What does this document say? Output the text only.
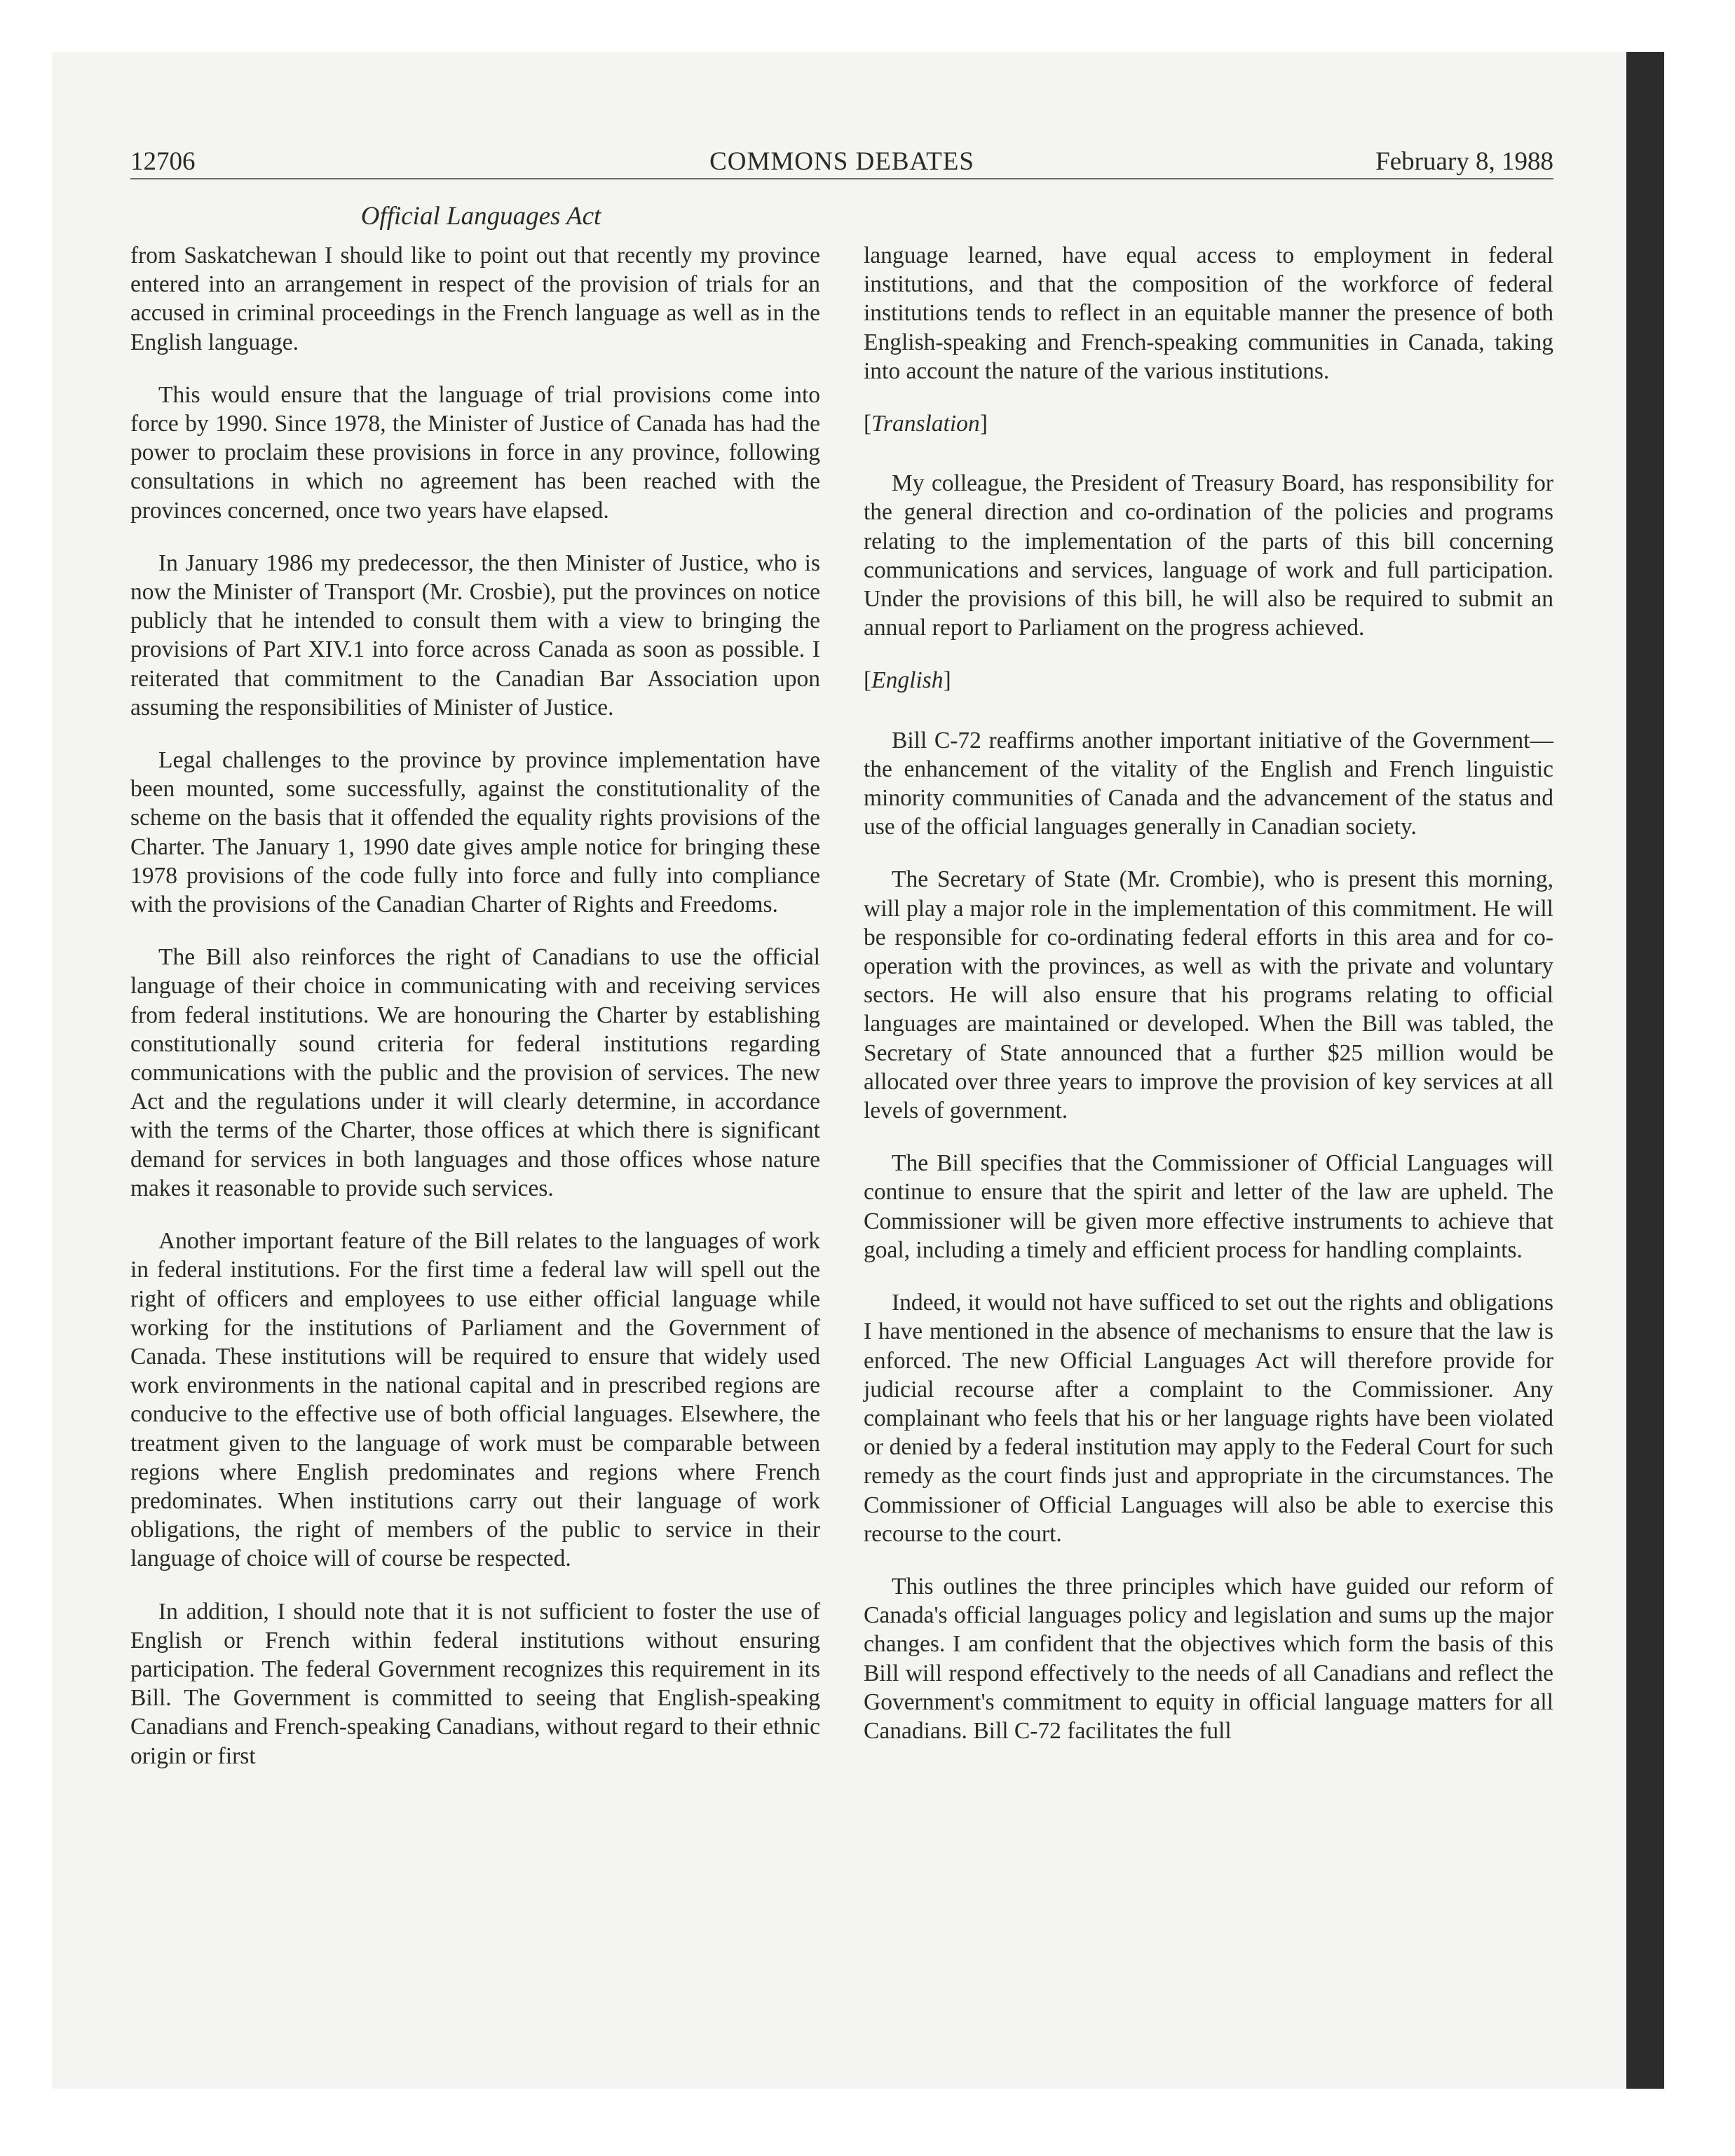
12706	COMMONS DEBATES	February 8, 1988
Official Languages Act

from Saskatchewan I should like to point out that recently my province entered into an arrangement in respect of the provision of trials for an accused in criminal proceedings in the French language as well as in the English language.

This would ensure that the language of trial provisions come into force by 1990. Since 1978, the Minister of Justice of Canada has had the power to proclaim these provisions in force in any province, following consultations in which no agreement has been reached with the provinces concerned, once two years have elapsed.

In January 1986 my predecessor, the then Minister of Justice, who is now the Minister of Transport (Mr. Crosbie), put the provinces on notice publicly that he intended to consult them with a view to bringing the provisions of Part XIV.1 into force across Canada as soon as possible. I reiterated that commitment to the Canadian Bar Association upon assuming the responsibilities of Minister of Justice.

Legal challenges to the province by province implementation have been mounted, some successfully, against the constitutionality of the scheme on the basis that it offended the equality rights provisions of the Charter. The January 1, 1990 date gives ample notice for bringing these 1978 provisions of the code fully into force and fully into compliance with the provisions of the Canadian Charter of Rights and Freedoms.

The Bill also reinforces the right of Canadians to use the official language of their choice in communicating with and receiving services from federal institutions. We are honouring the Charter by establishing constitutionally sound criteria for federal institutions regarding communications with the public and the provision of services. The new Act and the regulations under it will clearly determine, in accordance with the terms of the Charter, those offices at which there is significant demand for services in both languages and those offices whose nature makes it reasonable to provide such services.

Another important feature of the Bill relates to the languages of work in federal institutions. For the first time a federal law will spell out the right of officers and employees to use either official language while working for the institutions of Parliament and the Government of Canada. These institutions will be required to ensure that widely used work environments in the national capital and in prescribed regions are conducive to the effective use of both official languages. Elsewhere, the treatment given to the language of work must be comparable between regions where English predominates and regions where French predominates. When institutions carry out their language of work obligations, the right of members of the public to service in their language of choice will of course be respected.

In addition, I should note that it is not sufficient to foster the use of English or French within federal institutions without ensuring participation. The federal Government recognizes this requirement in its Bill. The Government is committed to seeing that English-speaking Canadians and French-speaking Canadians, without regard to their ethnic origin or first

language learned, have equal access to employment in federal institutions, and that the composition of the workforce of federal institutions tends to reflect in an equitable manner the presence of both English-speaking and French-speaking communities in Canada, taking into account the nature of the various institutions.

[Translation]

My colleague, the President of Treasury Board, has responsibility for the general direction and co-ordination of the policies and programs relating to the implementation of the parts of this bill concerning communications and services, language of work and full participation. Under the provisions of this bill, he will also be required to submit an annual report to Parliament on the progress achieved.

[English]

Bill C-72 reaffirms another important initiative of the Government—the enhancement of the vitality of the English and French linguistic minority communities of Canada and the advancement of the status and use of the official languages generally in Canadian society.

The Secretary of State (Mr. Crombie), who is present this morning, will play a major role in the implementation of this commitment. He will be responsible for co-ordinating federal efforts in this area and for co-operation with the provinces, as well as with the private and voluntary sectors. He will also ensure that his programs relating to official languages are maintained or developed. When the Bill was tabled, the Secretary of State announced that a further $25 million would be allocated over three years to improve the provision of key services at all levels of government.

The Bill specifies that the Commissioner of Official Languages will continue to ensure that the spirit and letter of the law are upheld. The Commissioner will be given more effective instruments to achieve that goal, including a timely and efficient process for handling complaints.

Indeed, it would not have sufficed to set out the rights and obligations I have mentioned in the absence of mechanisms to ensure that the law is enforced. The new Official Languages Act will therefore provide for judicial recourse after a complaint to the Commissioner. Any complainant who feels that his or her language rights have been violated or denied by a federal institution may apply to the Federal Court for such remedy as the court finds just and appropriate in the circumstances. The Commissioner of Official Languages will also be able to exercise this recourse to the court.

This outlines the three principles which have guided our reform of Canada's official languages policy and legislation and sums up the major changes. I am confident that the objectives which form the basis of this Bill will respond effectively to the needs of all Canadians and reflect the Government's commitment to equity in official language matters for all Canadians. Bill C-72 facilitates the full
